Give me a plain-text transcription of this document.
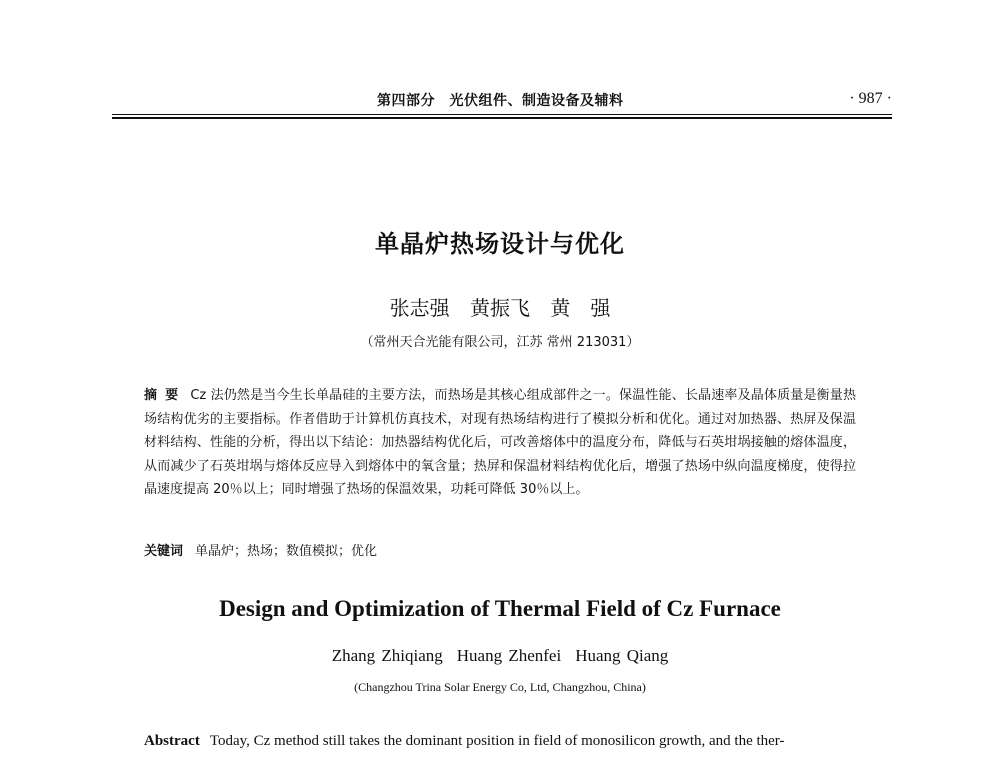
第四部分　光伏组件、制造设备及辅料	· 987 ·
单晶炉热场设计与优化
张志强 黄振飞 黄　强
（常州天合光能有限公司，江苏 常州 213031）
摘要 Cz 法仍然是当今生长单晶硅的主要方法，而热场是其核心组成部件之一。保温性能、长晶速率及晶体质量是衡量热场结构优劣的主要指标。作者借助于计算机仿真技术，对现有热场结构进行了模拟分析和优化。通过对加热器、热屏及保温材料结构、性能的分析，得出以下结论：加热器结构优化后，可改善熔体中的温度分布，降低与石英坩埚接触的熔体温度，从而减少了石英坩埚与熔体反应导入到熔体中的氧含量；热屏和保温材料结构优化后，增强了热场中纵向温度梯度，使得拉晶速度提高 20％以上；同时增强了热场的保温效果，功耗可降低 30％以上。
关键词 单晶炉；热场；数值模拟；优化
Design and Optimization of Thermal Field of Cz Furnace
Zhang Zhiqiang Huang Zhenfei Huang Qiang
(Changzhou Trina Solar Energy Co, Ltd, Changzhou, China)
Abstract Today, Cz method still takes the dominant position in field of monosilicon growth, and the ther-
